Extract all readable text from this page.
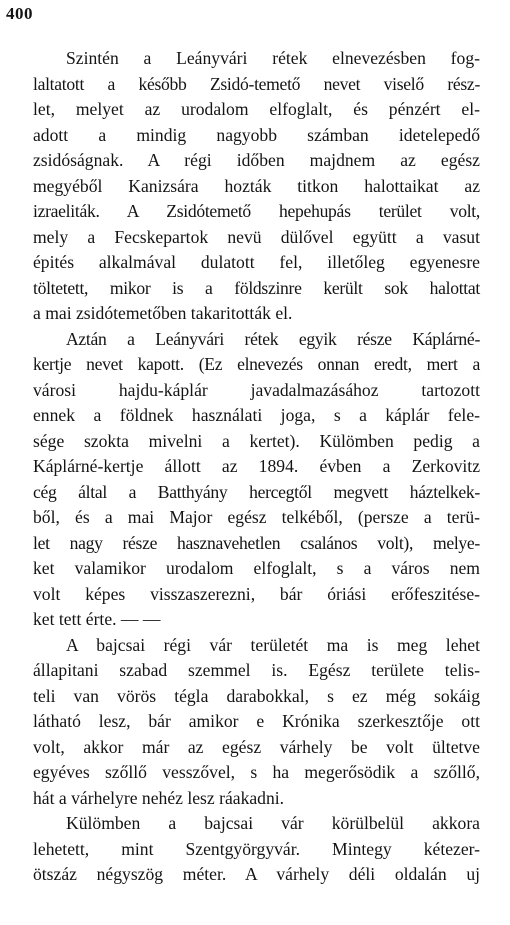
400
Szintén a Leányvári rétek elnevezésben fog-
laltatott a később Zsidó-temető nevet viselő rész-
let, melyet az urodalom elfoglalt, és pénzért el-
adott a mindig nagyobb számban idetelepedő
zsidóságnak. A régi időben majdnem az egész
megyéből Kanizsára hozták titkon halottaikat az
izraeliták. A Zsidótemető hepehupás terület volt,
mely a Fecskepartok nevü dülővel együtt a vasut
épités alkalmával dulatott fel, illetőleg egyenesre
töltetett, mikor is a földszinre került sok halottat
a mai zsidótemetőben takaritották el.
Aztán a Leányvári rétek egyik része Káplárné-
kertje nevet kapott. (Ez elnevezés onnan eredt, mert a
városi hajdu-káplár javadalmazásához tartozott
ennek a földnek használati joga, s a káplár fele-
sége szokta mivelni a kertet). Külömben pedig a
Káplárné-kertje állott az 1894. évben a Zerkovitz
cég által a Batthyány hercegtől megvett háztelkek-
ből, és a mai Major egész telkéből, (persze a terü-
let nagy része hasznavehetlen csalános volt), melye-
ket valamikor urodalom elfoglalt, s a város nem
volt képes visszaszerezni, bár óriási erőfeszitése-
ket tett érte. — —
A bajcsai régi vár területét ma is meg lehet
állapitani szabad szemmel is. Egész területe telis-
teli van vörös tégla darabokkal, s ez még sokáig
látható lesz, bár amikor e Krónika szerkesztője ott
volt, akkor már az egész várhely be volt ültetve
egyéves szőllő vesszővel, s ha megerősödik a szőllő,
hát a várhelyre nehéz lesz ráakadni.
Külömben a bajcsai vár körülbelül akkora
lehetett, mint Szentgyörgyvár. Mintegy kétezer-
ötszáz négyszög méter. A várhely déli oldalán uj
